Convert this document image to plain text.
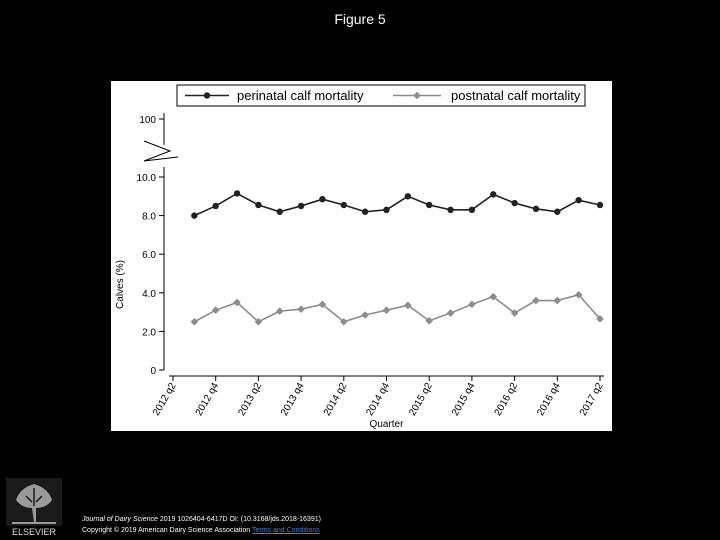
Figure 5
0
2.0
4.0
6.0
8.0
10.0
100
Calves (%)
2012 q2 2012 q4 2013 q2 2013 q4 2014 q2 2014 q4 2015 q2 2015 q4 2016 q2 2016 q4 2017 q2
Quarter
perinatal calf mortality	postnatal calf mortality
ELSEVIER
Journal of Dairy Science 2019 1026404-6417D OI: (10.3168/jds.2018-16391)
Copyright © 2019 American Dairy Science Association Terms and Conditions
